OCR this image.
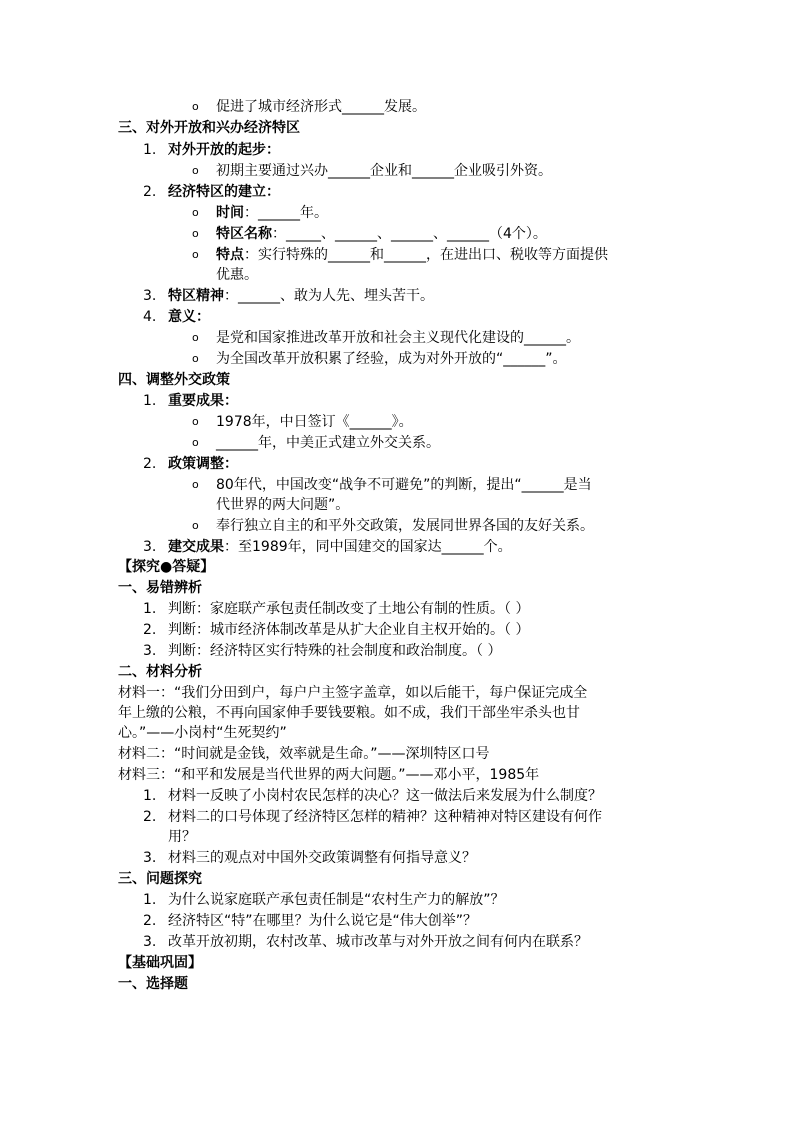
o 促进了城市经济形式______发展。
三、对外开放和兴办经济特区
1. 对外开放的起步：
o 初期主要通过兴办______企业和______企业吸引外资。
2. 经济特区的建立：
o 时间：______年。
o 特区名称：_____、______、______、______（4个）。
o 特点：实行特殊的______和______，在进出口、税收等方面提供
优惠。
3. 特区精神：______、敢为人先、埋头苦干。
4. 意义：
o 是党和国家推进改革开放和社会主义现代化建设的______。
o 为全国改革开放积累了经验，成为对外开放的“______”。
四、调整外交政策
1. 重要成果：
o 1978年，中日签订《______》。
o ______年，中美正式建立外交关系。
2. 政策调整：
o 80年代，中国改变“战争不可避免”的判断，提出“______是当
代世界的两大问题”。
o 奉行独立自主的和平外交政策，发展同世界各国的友好关系。
3. 建交成果：至1989年，同中国建交的国家达______个。
【探究●答疑】
一、易错辨析
1. 判断：家庭联产承包责任制改变了土地公有制的性质。（ ）
2. 判断：城市经济体制改革是从扩大企业自主权开始的。（ ）
3. 判断：经济特区实行特殊的社会制度和政治制度。（ ）
二、材料分析
材料一：“我们分田到户，每户户主签字盖章，如以后能干，每户保证完成全
年上缴的公粮，不再向国家伸手要钱要粮。如不成，我们干部坐牢杀头也甘
心。”——小岗村“生死契约”
材料二：“时间就是金钱，效率就是生命。”——深圳特区口号
材料三：“和平和发展是当代世界的两大问题。”——邓小平，1985年
1. 材料一反映了小岗村农民怎样的决心？这一做法后来发展为什么制度？
2. 材料二的口号体现了经济特区怎样的精神？这种精神对特区建设有何作
用？
3. 材料三的观点对中国外交政策调整有何指导意义？
三、问题探究
1. 为什么说家庭联产承包责任制是“农村生产力的解放”？
2. 经济特区“特”在哪里？为什么说它是“伟大创举”？
3. 改革开放初期，农村改革、城市改革与对外开放之间有何内在联系？
【基础巩固】
一、选择题
